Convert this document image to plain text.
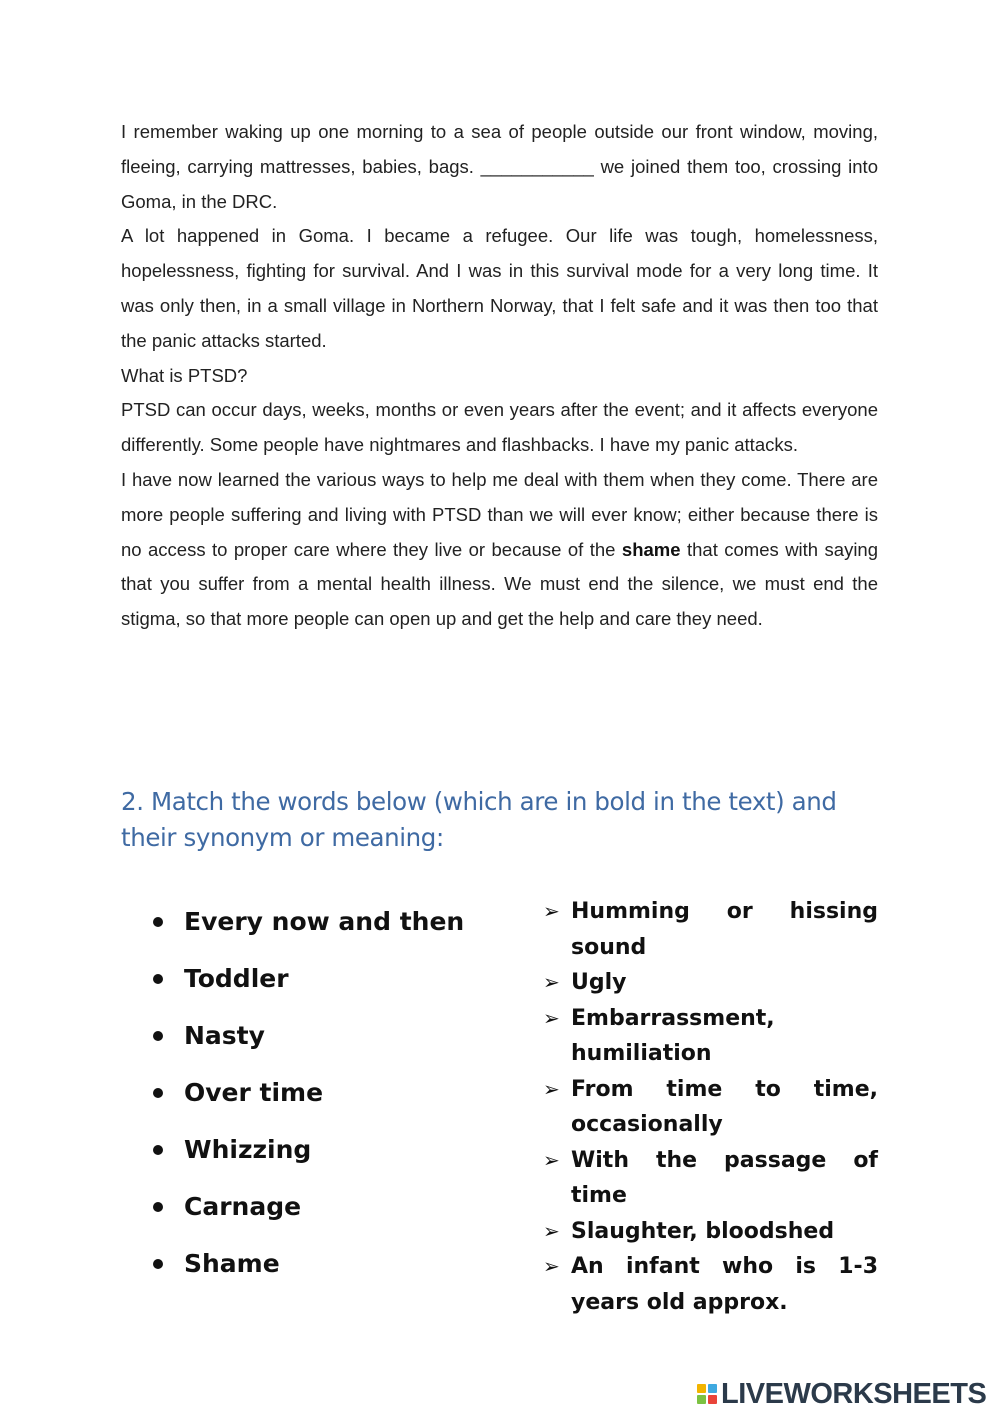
I remember waking up one morning to a sea of people outside our front window, moving, fleeing, carrying mattresses, babies, bags. ___________ we joined them too, crossing into Goma, in the DRC.

A lot happened in Goma. I became a refugee. Our life was tough, homelessness, hopelessness, fighting for survival. And I was in this survival mode for a very long time. It was only then, in a small village in Northern Norway, that I felt safe and it was then too that the panic attacks started.

What is PTSD?

PTSD can occur days, weeks, months or even years after the event; and it affects everyone differently. Some people have nightmares and flashbacks. I have my panic attacks.

I have now learned the various ways to help me deal with them when they come. There are more people suffering and living with PTSD than we will ever know; either because there is no access to proper care where they live or because of the shame that comes with saying that you suffer from a mental health illness. We must end the silence, we must end the stigma, so that more people can open up and get the help and care they need.

2. Match the words below (which are in bold in the text) and their synonym or meaning:
Every now and then
Toddler
Nasty
Over time
Whizzing
Carnage
Shame
➢ Humming or hissing sound
➢ Ugly
➢ Embarrassment, humiliation
➢ From time to time, occasionally
➢ With the passage of time
➢ Slaughter, bloodshed
➢ An infant who is 1-3 years old approx.
LIVEWORKSHEETS
